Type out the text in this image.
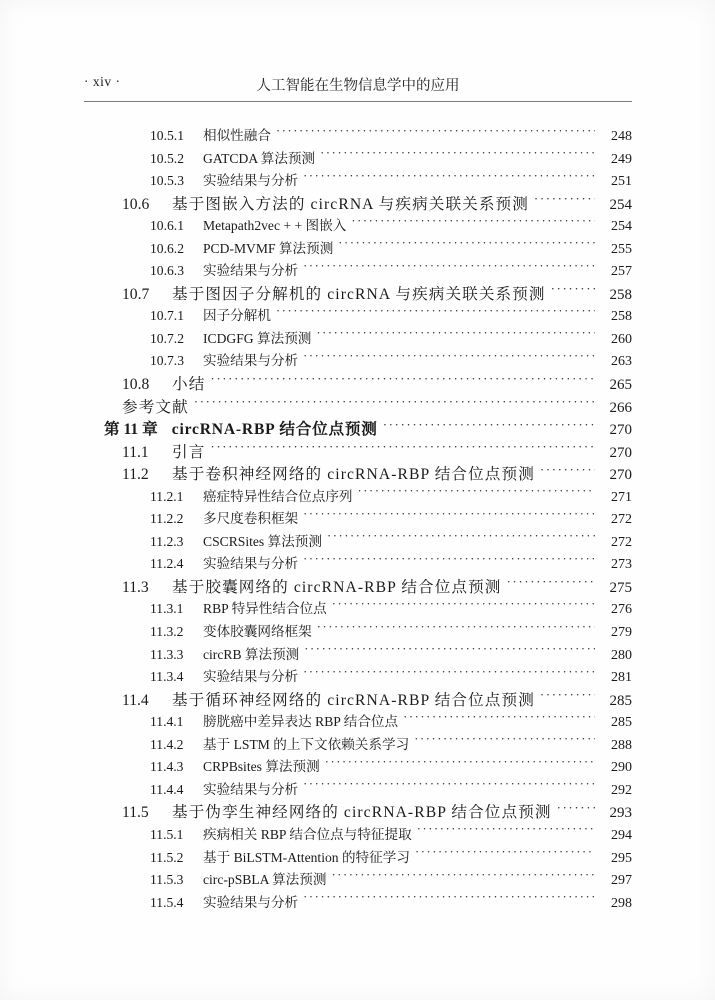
· xiv ·	人工智能在生物信息学中的应用
10.5.1	相似性融合 ·····	248
10.5.2	GATCDA 算法预测 ·····	249
10.5.3	实验结果与分析 ·····	251
10.6	基于图嵌入方法的 circRNA 与疾病关联关系预测 ·····	254
10.6.1	Metapath2vec + + 图嵌入 ·····	254
10.6.2	PCD-MVMF 算法预测 ·····	255
10.6.3	实验结果与分析 ·····	257
10.7	基于图因子分解机的 circRNA 与疾病关联关系预测 ·····	258
10.7.1	因子分解机 ·····	258
10.7.2	ICDGFG 算法预测 ·····	260
10.7.3	实验结果与分析 ·····	263
10.8	小结 ·····	265
参考文献 ·····	266
第 11 章 circRNA-RBP 结合位点预测 ·····	270
11.1	引言 ·····	270
11.2	基于卷积神经网络的 circRNA-RBP 结合位点预测 ·····	270
11.2.1	癌症特异性结合位点序列 ·····	271
11.2.2	多尺度卷积框架 ·····	272
11.2.3	CSCRSites 算法预测 ·····	272
11.2.4	实验结果与分析 ·····	273
11.3	基于胶囊网络的 circRNA-RBP 结合位点预测 ·····	275
11.3.1	RBP 特异性结合位点 ·····	276
11.3.2	变体胶囊网络框架 ·····	279
11.3.3	circRB 算法预测 ·····	280
11.3.4	实验结果与分析 ·····	281
11.4	基于循环神经网络的 circRNA-RBP 结合位点预测 ·····	285
11.4.1	膀胱癌中差异表达 RBP 结合位点 ·····	285
11.4.2	基于 LSTM 的上下文依赖关系学习 ·····	288
11.4.3	CRPBsites 算法预测 ·····	290
11.4.4	实验结果与分析 ·····	292
11.5	基于伪孪生神经网络的 circRNA-RBP 结合位点预测 ·····	293
11.5.1	疾病相关 RBP 结合位点与特征提取 ·····	294
11.5.2	基于 BiLSTM-Attention 的特征学习 ·····	295
11.5.3	circ-pSBLA 算法预测 ·····	297
11.5.4	实验结果与分析 ·····	298
